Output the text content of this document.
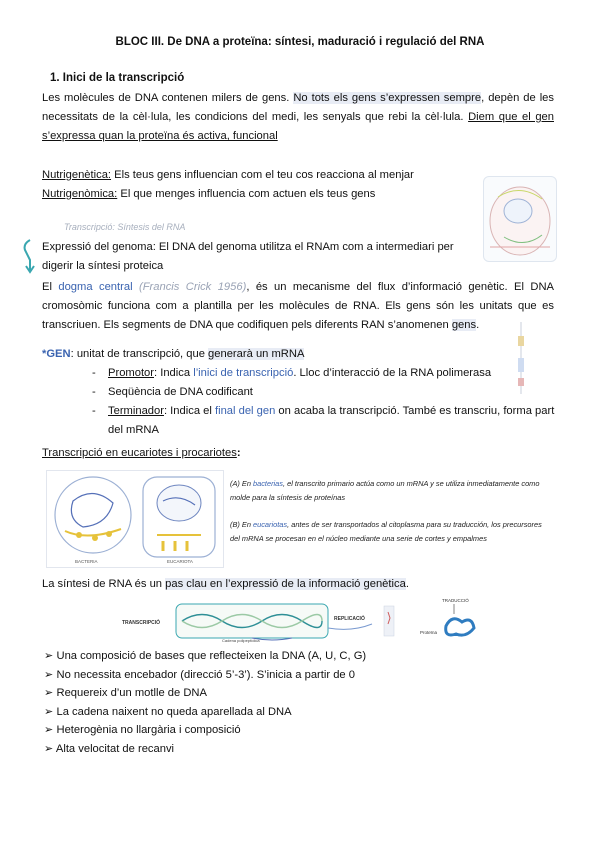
BLOC III. De DNA a proteïna: síntesi, maduració i regulació del RNA
1. Inici de la transcripció
Les molècules de DNA contenen milers de gens. No tots els gens s’expressen sempre, depèn de les necessitats de la cèl·lula, les condicions del medi, les senyals que rebi la cèl·lula. Diem que el gen s’expressa quan la proteïna és activa, funcional
Nutrigenètica: Els teus gens influencian com el teu cos reacciona al menjar
Nutrigenòmica: El que menges influencia com actuen els teus gens
Transcripció: Síntesis del RNA
Expressió del genoma: El DNA del genoma utilitza el RNAm com a intermediari per
digerir la síntesi proteica
El dogma central (Francis Crick 1956), és un mecanisme del flux d’informació genètic. El DNA cromosòmic funciona com a plantilla per les molècules de RNA. Els gens són les unitats que es transcriuen. Els segments de DNA que codifiquen pels diferents RAN s’anomenen gens.
*GEN: unitat de transcripció, que generarà un mRNA
- Promotor: Indica l’inici de transcripció. Lloc d’interacció de la RNA polimerasa
- Seqüència de DNA codificant
- Terminador: Indica el final del gen on acaba la transcripció. També es transcriu, forma part del mRNA
Transcripció en eucariotes i procariotes:
BACTERIA	EUCARIOTA
(A) En bacterias, el transcrito primario actúa como un mRNA y se utiliza inmediatamente como molde para la síntesis de proteínas
(B) En eucariotas, antes de ser transportados al citoplasma para su traducción, los precursores del mRNA se procesan en el núcleo mediante una serie de cortes y empalmes
La síntesi de RNA és un pas clau en l’expressió de la informació genètica.
TRANSCRIPCIÓ
Cadena polipeptídica
REPLICACIÓ
TRADUCCIÓ
Proteïna
➢ Una composició de bases que reflecteixen la DNA (A, U, C, G)
➢ No necessita encebador (direcció 5’-3’). S’inicia a partir de 0
➢ Requereix d’un motlle de DNA
➢ La cadena naixent no queda aparellada al DNA
➢ Heterogènia no llargària i composició
➢ Alta velocitat de recanvi
